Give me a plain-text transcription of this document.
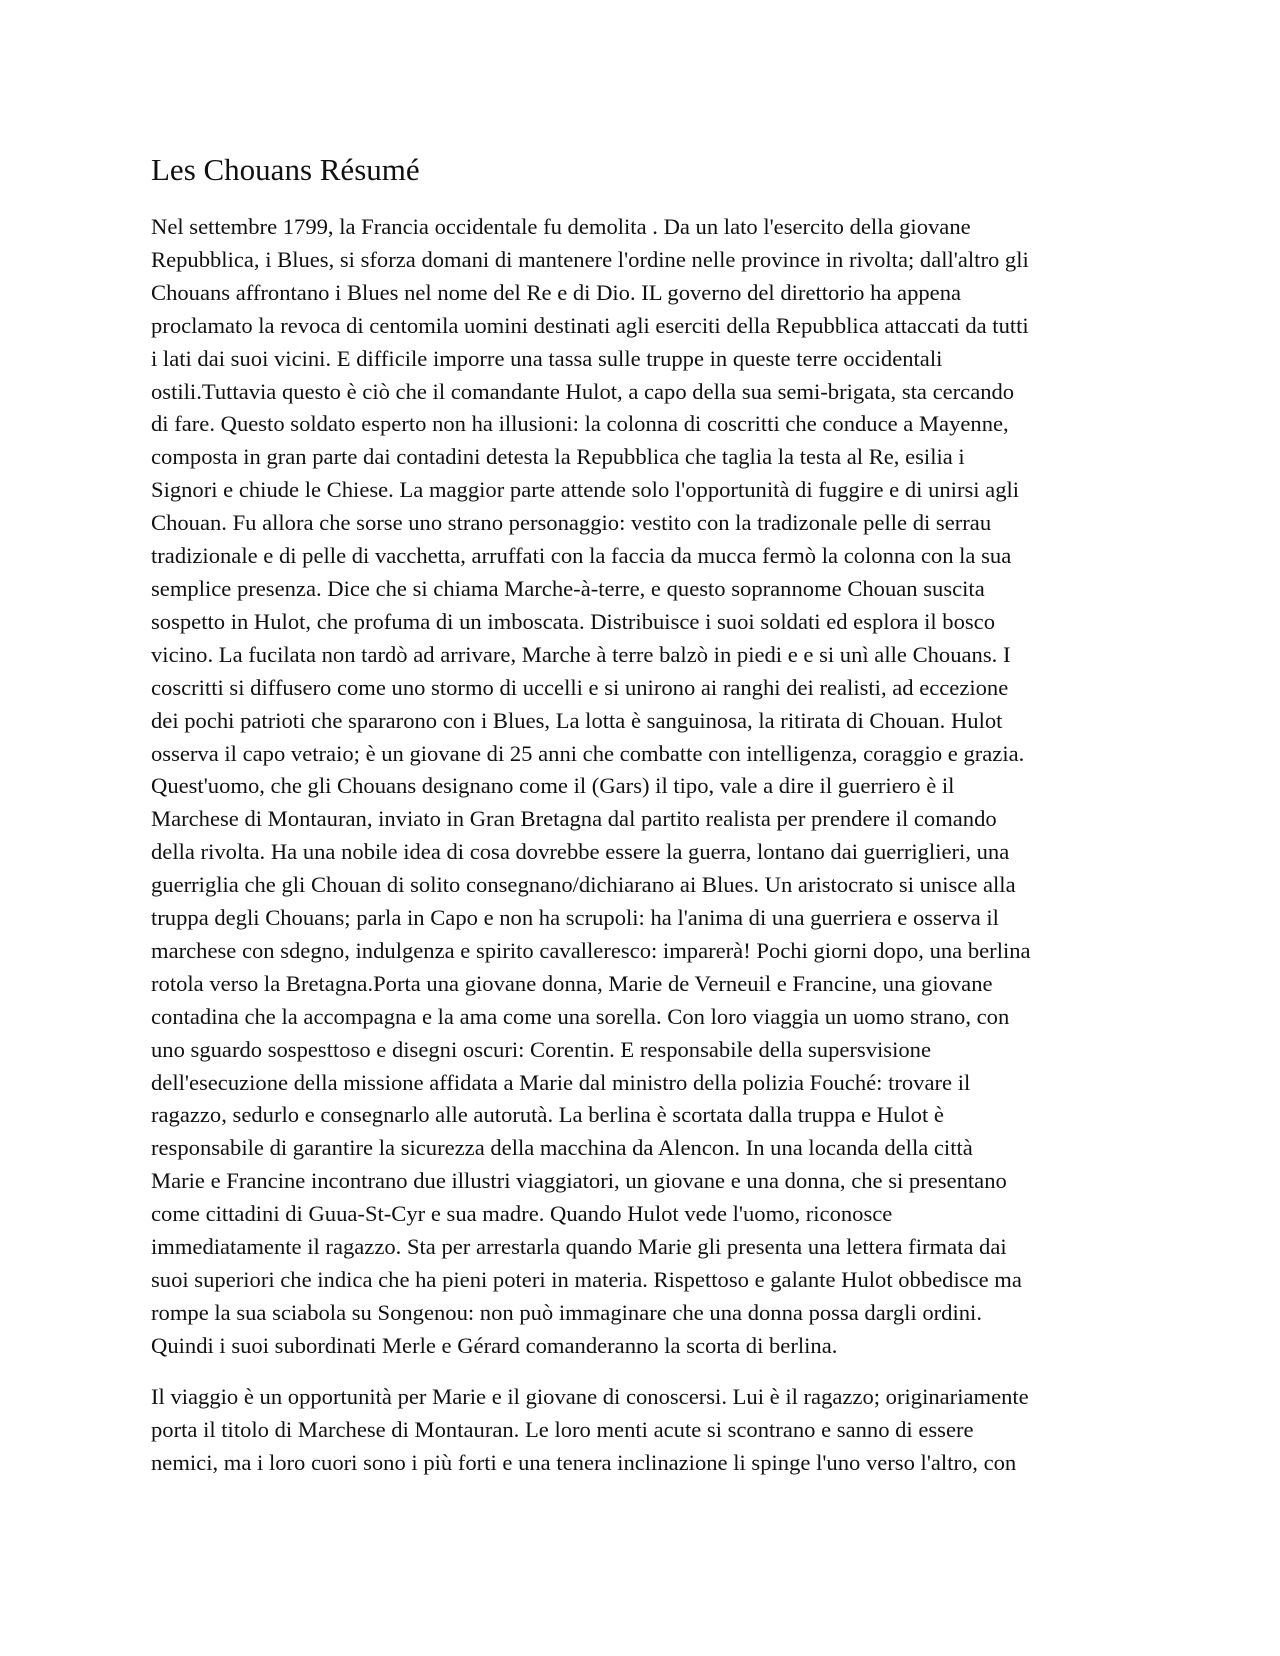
Les Chouans Résumé

Nel settembre 1799, la Francia occidentale fu demolita . Da un lato l'esercito della giovane
Repubblica, i Blues, si sforza domani di mantenere l'ordine nelle province in rivolta; dall'altro gli
Chouans affrontano i Blues nel nome del Re e di Dio. IL governo del direttorio ha appena
proclamato la revoca di centomila uomini destinati agli eserciti della Repubblica attaccati da tutti
i lati dai suoi vicini. E difficile imporre una tassa sulle truppe in queste terre occidentali
ostili.Tuttavia questo è ciò che il comandante Hulot, a capo della sua semi-brigata, sta cercando
di fare. Questo soldato esperto non ha illusioni: la colonna di coscritti che conduce a Mayenne,
composta in gran parte dai contadini detesta la Repubblica che taglia la testa al Re, esilia i
Signori e chiude le Chiese. La maggior parte attende solo l'opportunità di fuggire e di unirsi agli
Chouan. Fu allora che sorse uno strano personaggio: vestito con la tradizonale pelle di serrau
tradizionale e di pelle di vacchetta, arruffati con la faccia da mucca fermò la colonna con la sua
semplice presenza. Dice che si chiama Marche-à-terre, e questo soprannome Chouan suscita
sospetto in Hulot, che profuma di un imboscata. Distribuisce i suoi soldati ed esplora il bosco
vicino. La fucilata non tardò ad arrivare, Marche à terre balzò in piedi e e si unì alle Chouans. I
coscritti si diffusero come uno stormo di uccelli e si unirono ai ranghi dei realisti, ad eccezione
dei pochi patrioti che spararono con i Blues, La lotta è sanguinosa, la ritirata di Chouan. Hulot
osserva il capo vetraio; è un giovane di 25 anni che combatte con intelligenza, coraggio e grazia.
Quest'uomo, che gli Chouans designano come il (Gars) il tipo, vale a dire il guerriero è il
Marchese di Montauran, inviato in Gran Bretagna dal partito realista per prendere il comando
della rivolta. Ha una nobile idea di cosa dovrebbe essere la guerra, lontano dai guerriglieri, una
guerriglia che gli Chouan di solito consegnano/dichiarano ai Blues. Un aristocrato si unisce alla
truppa degli Chouans; parla in Capo e non ha scrupoli: ha l'anima di una guerriera e osserva il
marchese con sdegno, indulgenza e spirito cavalleresco: imparerà! Pochi giorni dopo, una berlina
rotola verso la Bretagna.Porta una giovane donna, Marie de Verneuil e Francine, una giovane
contadina che la accompagna e la ama come una sorella. Con loro viaggia un uomo strano, con
uno sguardo sospesttoso e disegni oscuri: Corentin. E responsabile della supersvisione
dell'esecuzione della missione affidata a Marie dal ministro della polizia Fouché: trovare il
ragazzo, sedurlo e consegnarlo alle autorutà. La berlina è scortata dalla truppa e Hulot è
responsabile di garantire la sicurezza della macchina da Alencon. In una locanda della città
Marie e Francine incontrano due illustri viaggiatori, un giovane e una donna, che si presentano
come cittadini di Guua-St-Cyr e sua madre. Quando Hulot vede l'uomo, riconosce
immediatamente il ragazzo. Sta per arrestarla quando Marie gli presenta una lettera firmata dai
suoi superiori che indica che ha pieni poteri in materia. Rispettoso e galante Hulot obbedisce ma
rompe la sua sciabola su Songenou: non può immaginare che una donna possa dargli ordini.
Quindi i suoi subordinati Merle e Gérard comanderanno la scorta di berlina.

Il viaggio è un opportunità per Marie e il giovane di conoscersi. Lui è il ragazzo; originariamente
porta il titolo di Marchese di Montauran. Le loro menti acute si scontrano e sanno di essere
nemici, ma i loro cuori sono i più forti e una tenera inclinazione li spinge l'uno verso l'altro, con
